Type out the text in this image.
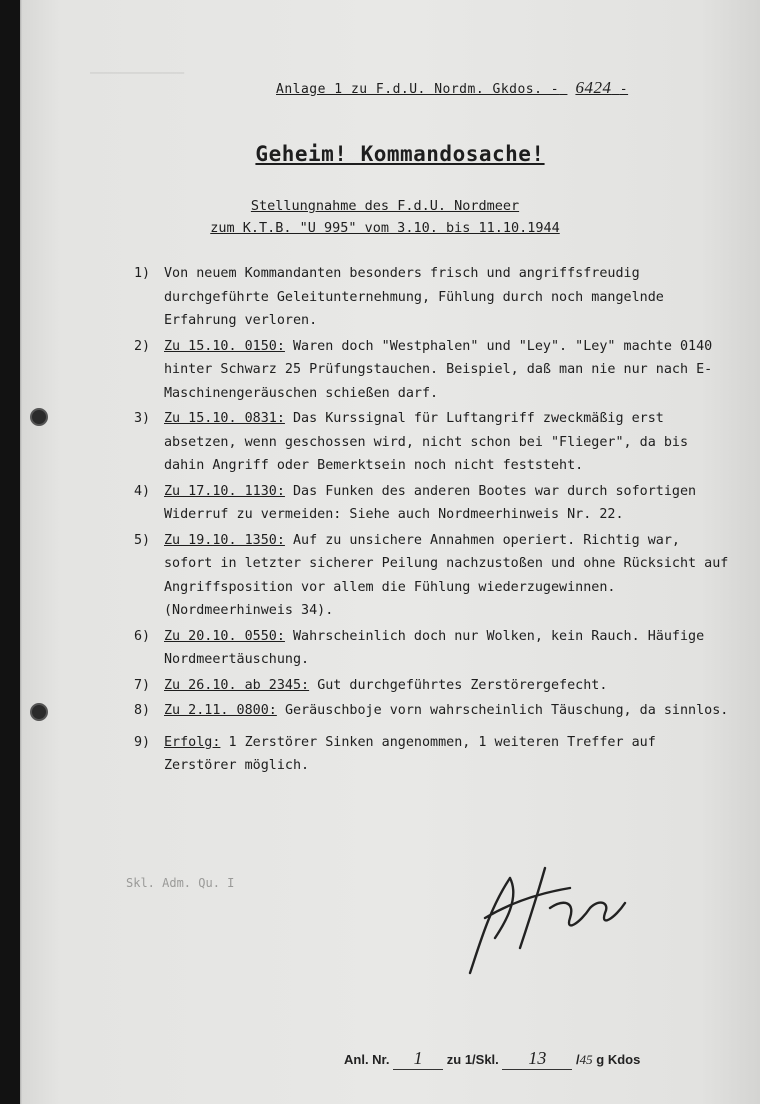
─────────────
Anlage 1 zu F.d.U. Nordm. Gkdos. - 6424 -
Geheim! Kommandosache!
Stellungnahme des F.d.U. Nordmeer
zum K.T.B. "U 995" vom 3.10. bis 11.10.1944
1)	Von neuem Kommandanten besonders frisch und angriffsfreudig durchgeführte Geleitunternehmung, Fühlung durch noch mangelnde Erfahrung verloren.
2)	Zu 15.10. 0150: Waren doch "Westphalen" und "Ley". "Ley" machte 0140 hinter Schwarz 25 Prüfungstauchen. Beispiel, daß man nie nur nach E-Maschinengeräuschen schießen darf.
3)	Zu 15.10. 0831: Das Kurssignal für Luftangriff zweckmäßig erst absetzen, wenn geschossen wird, nicht schon bei "Flieger", da bis dahin Angriff oder Bemerktsein noch nicht feststeht.
4)	Zu 17.10. 1130: Das Funken des anderen Bootes war durch sofortigen Widerruf zu vermeiden: Siehe auch Nordmeerhinweis Nr. 22.
5)	Zu 19.10. 1350: Auf zu unsichere Annahmen operiert. Richtig war, sofort in letzter sicherer Peilung nachzustoßen und ohne Rücksicht auf Angriffsposition vor allem die Fühlung wiederzugewinnen. (Nordmeerhinweis 34).
6)	Zu 20.10. 0550: Wahrscheinlich doch nur Wolken, kein Rauch. Häufige Nordmeertäuschung.
7)	Zu 26.10. ab 2345: Gut durchgeführtes Zerstörergefecht.
8)	Zu 2.11. 0800: Geräuschboje vorn wahrscheinlich Täuschung, da sinnlos.
9)	Erfolg: 1 Zerstörer Sinken angenommen, 1 weiteren Treffer auf Zerstörer möglich.
Skl. Adm. Qu. I
Anl. Nr. 1 zu 1/Skl. 13 /45 g Kdos
